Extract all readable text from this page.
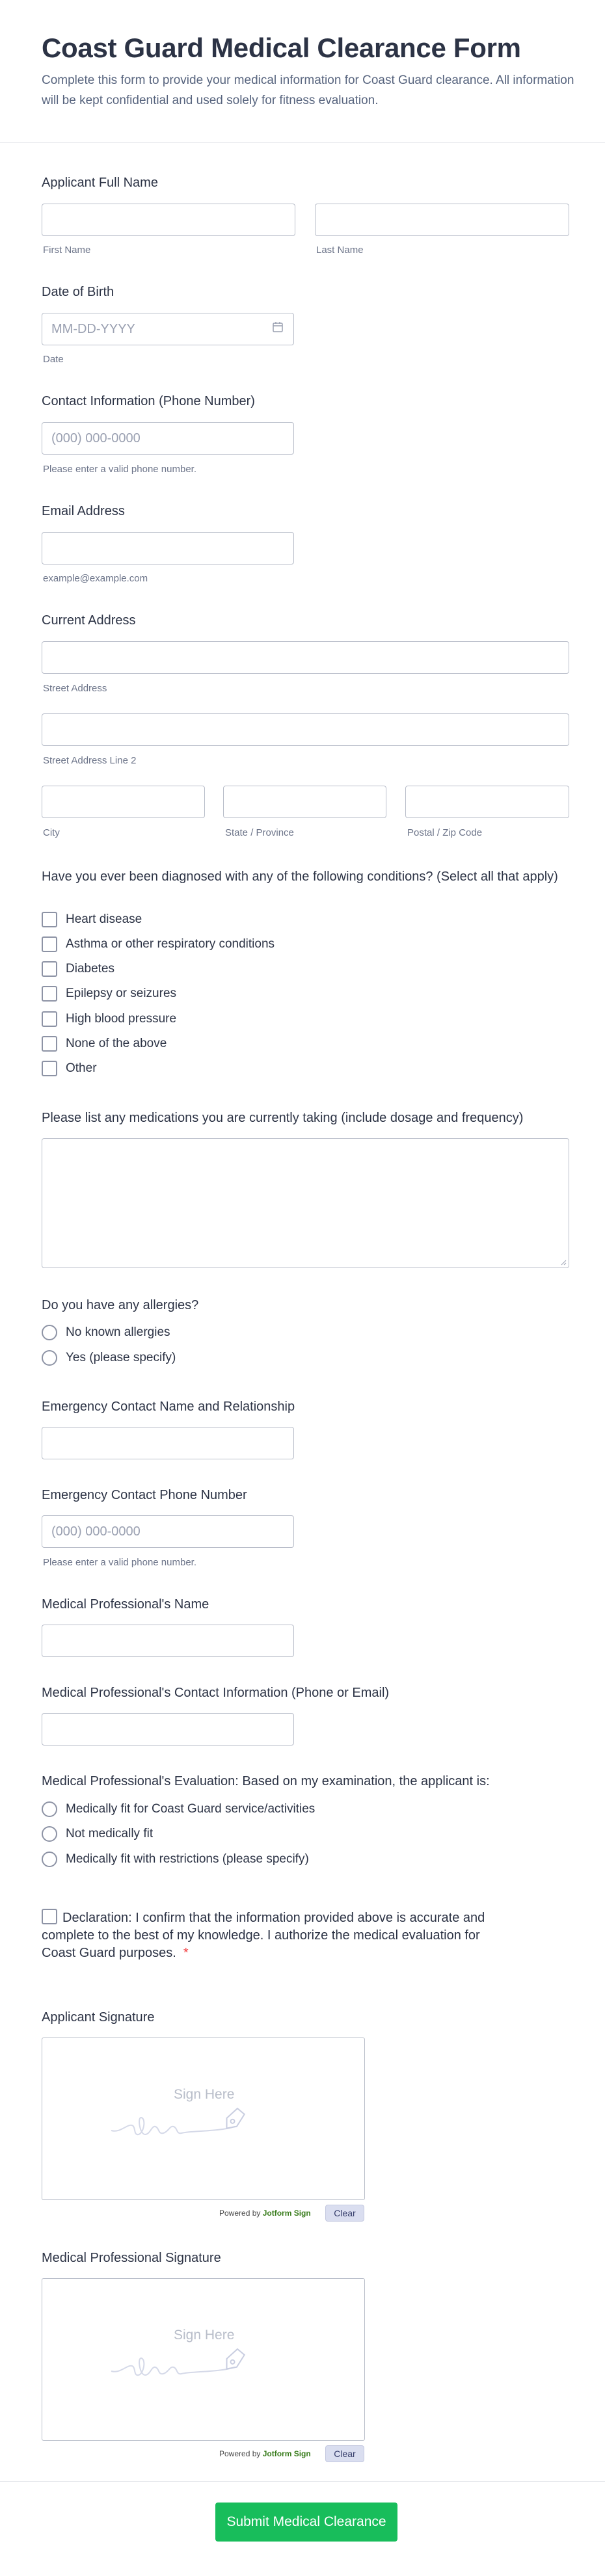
Coast Guard Medical Clearance Form
Complete this form to provide your medical information for Coast Guard clearance. All information will be kept confidential and used solely for fitness evaluation.
Applicant Full Name
First Name	Last Name
Date of Birth
MM-DD-YYYY
Date
Contact Information (Phone Number)
(000) 000-0000
Please enter a valid phone number.
Email Address
example@example.com
Current Address
Street Address
Street Address Line 2
City	State / Province	Postal / Zip Code
Have you ever been diagnosed with any of the following conditions? (Select all that apply)
Heart disease
Asthma or other respiratory conditions
Diabetes
Epilepsy or seizures
High blood pressure
None of the above
Other
Please list any medications you are currently taking (include dosage and frequency)
Do you have any allergies?
No known allergies
Yes (please specify)
Emergency Contact Name and Relationship
Emergency Contact Phone Number
(000) 000-0000
Please enter a valid phone number.
Medical Professional's Name
Medical Professional's Contact Information (Phone or Email)
Medical Professional's Evaluation: Based on my examination, the applicant is:
Medically fit for Coast Guard service/activities
Not medically fit
Medically fit with restrictions (please specify)
Declaration: I confirm that the information provided above is accurate and complete to the best of my knowledge. I authorize the medical evaluation for Coast Guard purposes. *
Applicant Signature
Sign Here
Powered by Jotform Sign	Clear
Medical Professional Signature
Sign Here
Powered by Jotform Sign	Clear
Submit Medical Clearance
